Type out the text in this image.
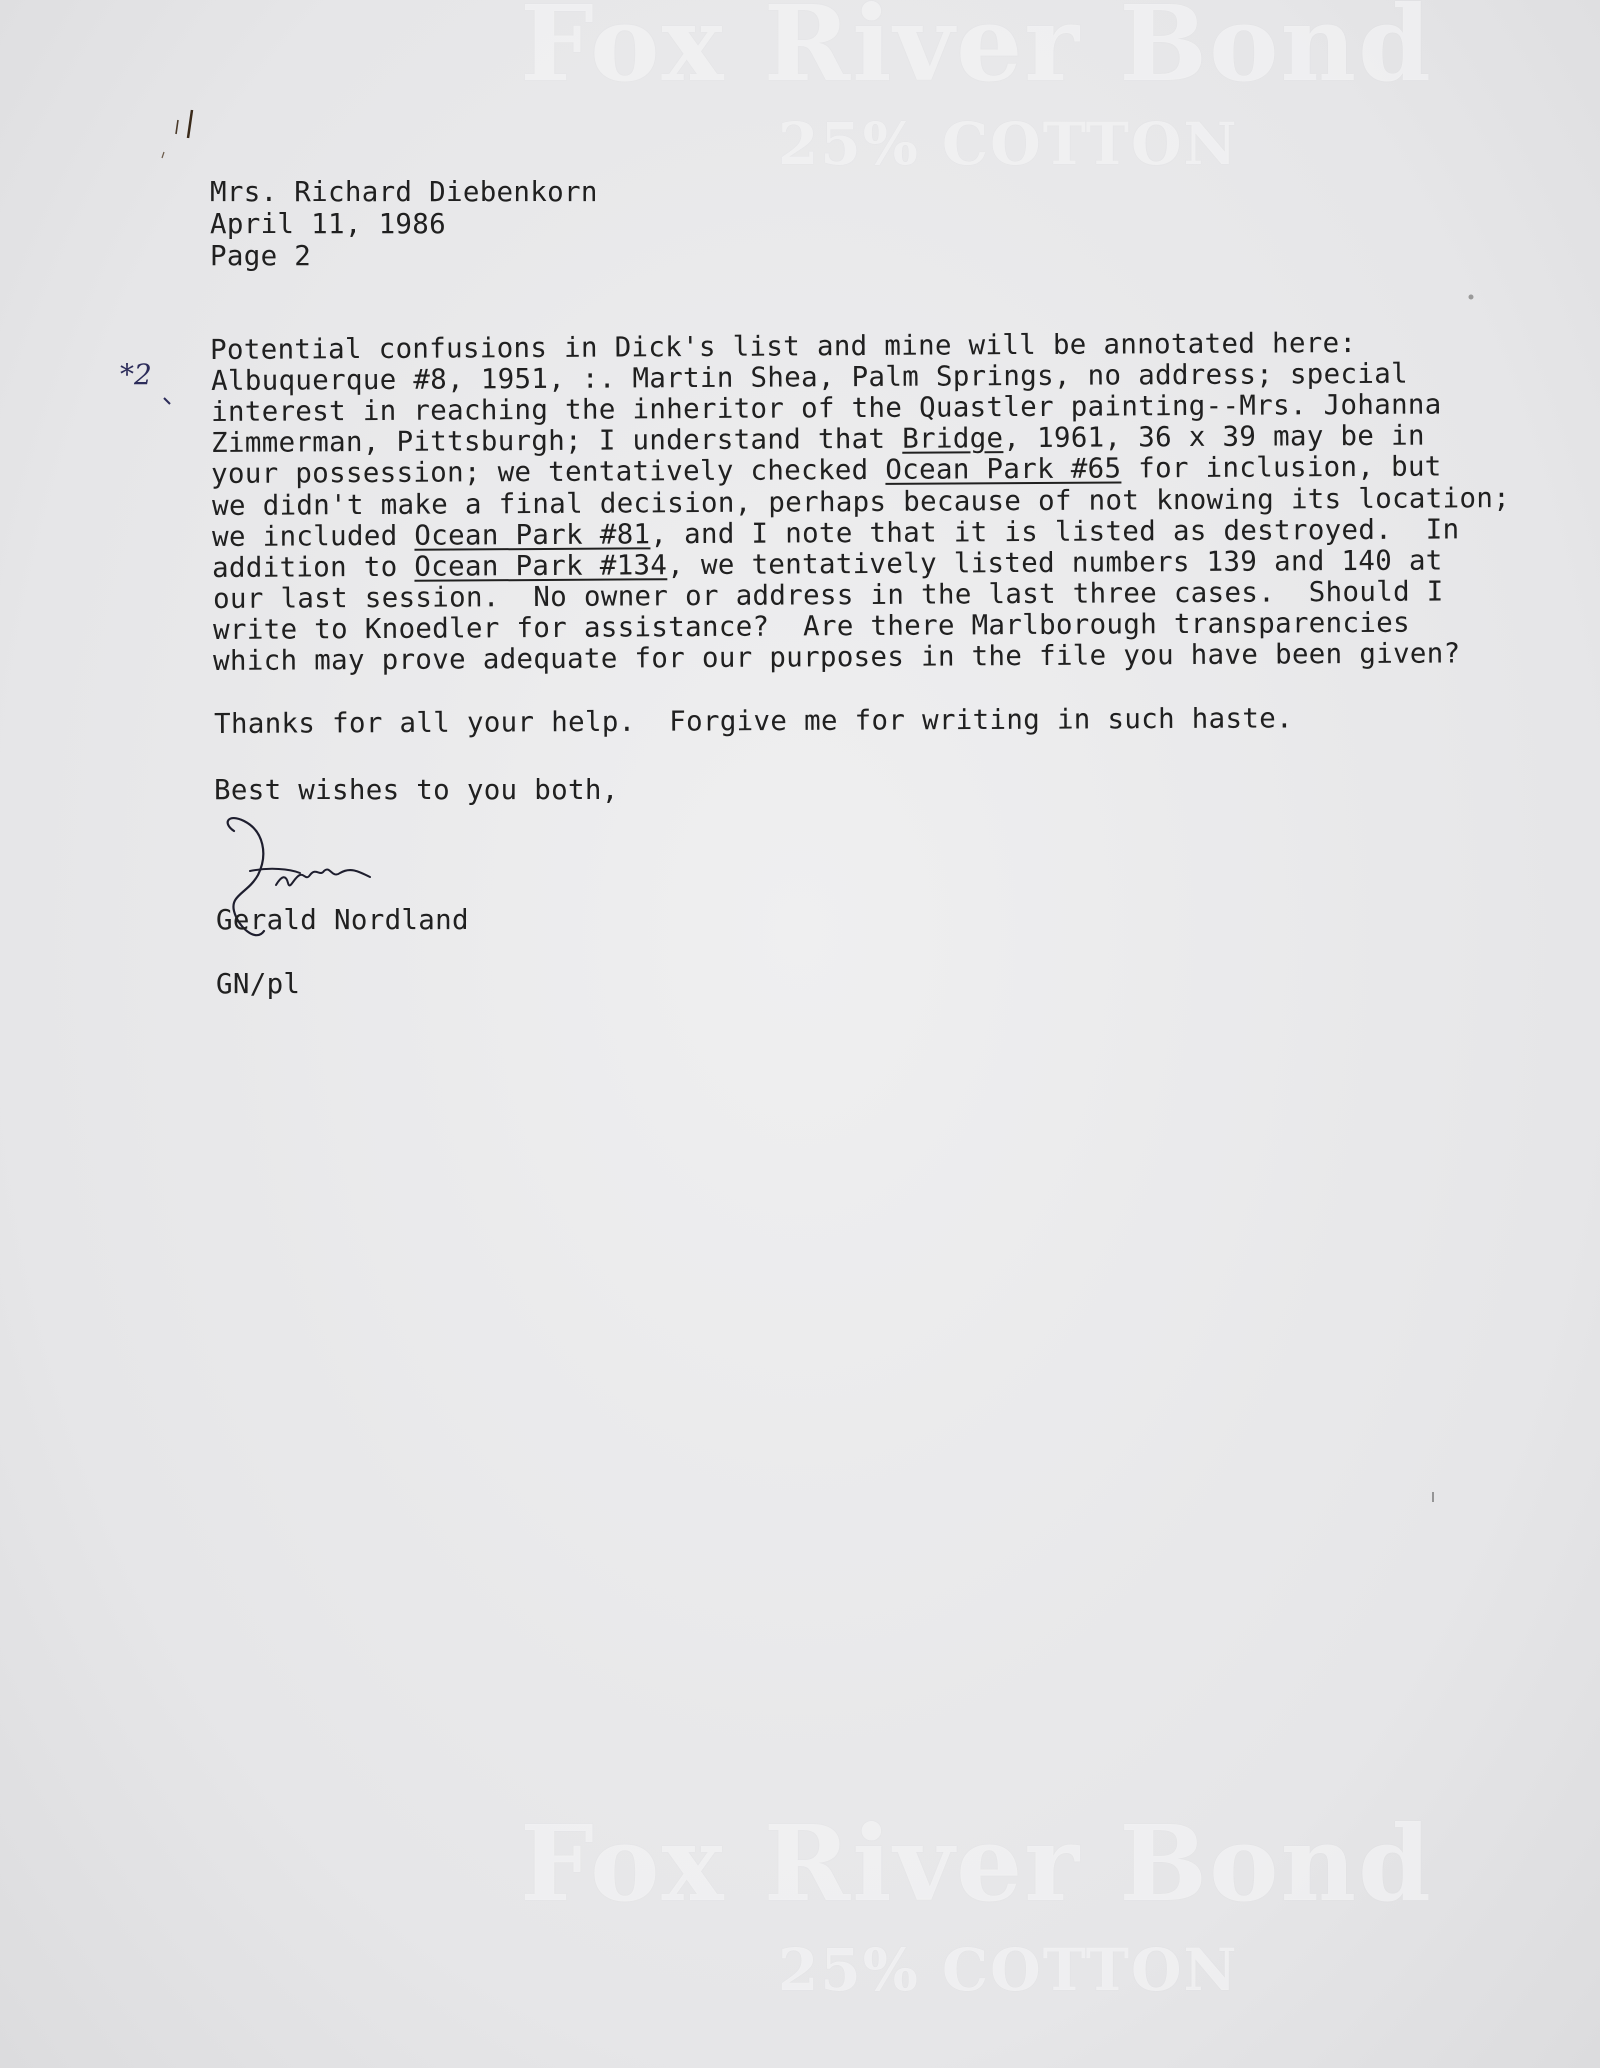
Fox River Bond
25% COTTON
Fox River Bond
25% COTTON
Mrs. Richard Diebenkorn
April 11, 1986
Page 2
*2
Potential confusions in Dick's list and mine will be annotated here:
Albuquerque #8, 1951, :. Martin Shea, Palm Springs, no address; special
interest in reaching the inheritor of the Quastler painting--Mrs. Johanna
Zimmerman, Pittsburgh; I understand that Bridge, 1961, 36 x 39 may be in
your possession; we tentatively checked Ocean Park #65 for inclusion, but
we didn't make a final decision, perhaps because of not knowing its location;
we included Ocean Park #81, and I note that it is listed as destroyed.  In
addition to Ocean Park #134, we tentatively listed numbers 139 and 140 at
our last session.  No owner or address in the last three cases.  Should I
write to Knoedler for assistance?  Are there Marlborough transparencies
which may prove adequate for our purposes in the file you have been given?
Thanks for all your help.  Forgive me for writing in such haste.
Best wishes to you both,
Gerald Nordland
GN/pl
